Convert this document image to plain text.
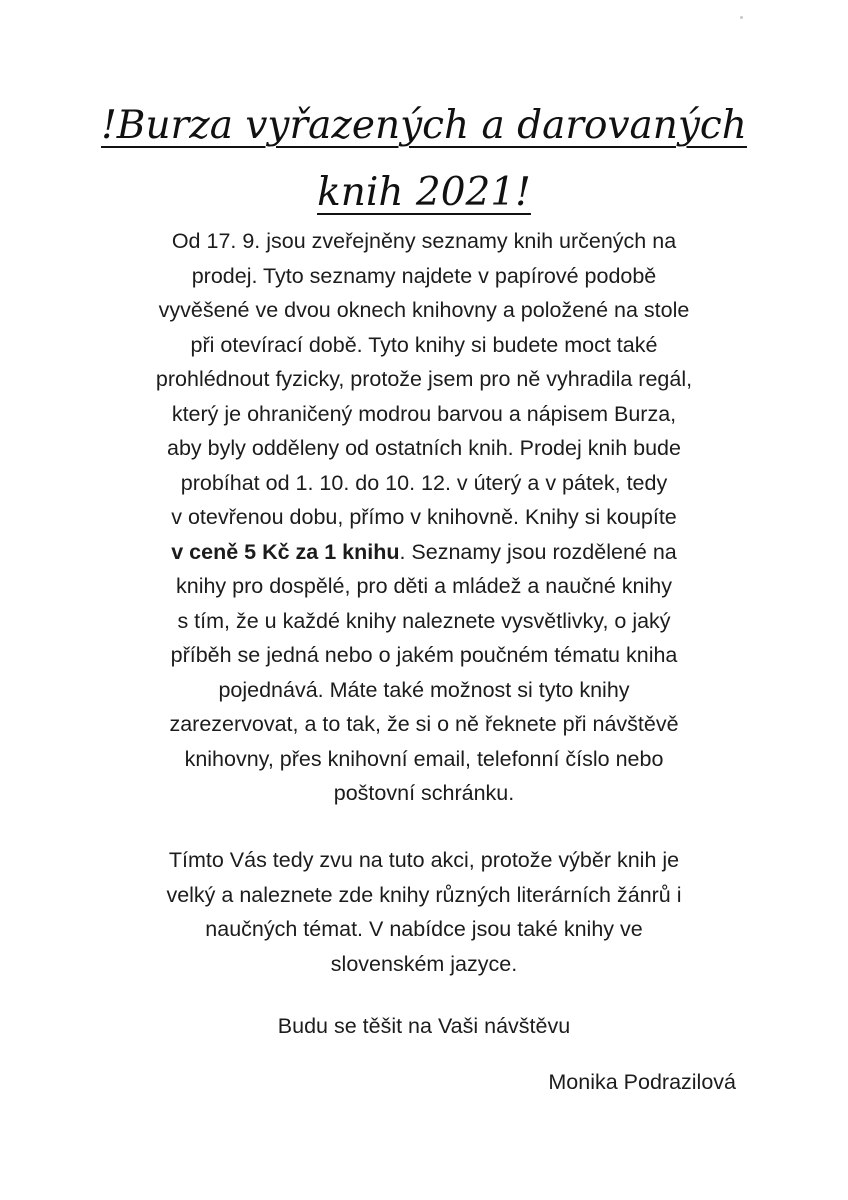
!Burza vyřazených a darovaných
knih 2021!

Od 17. 9. jsou zveřejněny seznamy knih určených na
prodej. Tyto seznamy najdete v papírové podobě
vyvěšené ve dvou oknech knihovny a položené na stole
při otevírací době. Tyto knihy si budete moct také
prohlédnout fyzicky, protože jsem pro ně vyhradila regál,
který je ohraničený modrou barvou a nápisem Burza,
aby byly odděleny od ostatních knih. Prodej knih bude
probíhat od 1. 10. do 10. 12. v úterý a v pátek, tedy
v otevřenou dobu, přímo v knihovně. Knihy si koupíte
v ceně 5 Kč za 1 knihu. Seznamy jsou rozdělené na
knihy pro dospělé, pro děti a mládež a naučné knihy
s tím, že u každé knihy naleznete vysvětlivky, o jaký
příběh se jedná nebo o jakém poučném tématu kniha
pojednává. Máte také možnost si tyto knihy
zarezervovat, a to tak, že si o ně řeknete při návštěvě
knihovny, přes knihovní email, telefonní číslo nebo
poštovní schránku.

Tímto Vás tedy zvu na tuto akci, protože výběr knih je
velký a naleznete zde knihy různých literárních žánrů i
naučných témat. V nabídce jsou také knihy ve
slovenském jazyce.

Budu se těšit na Vaši návštěvu

Monika Podrazilová
